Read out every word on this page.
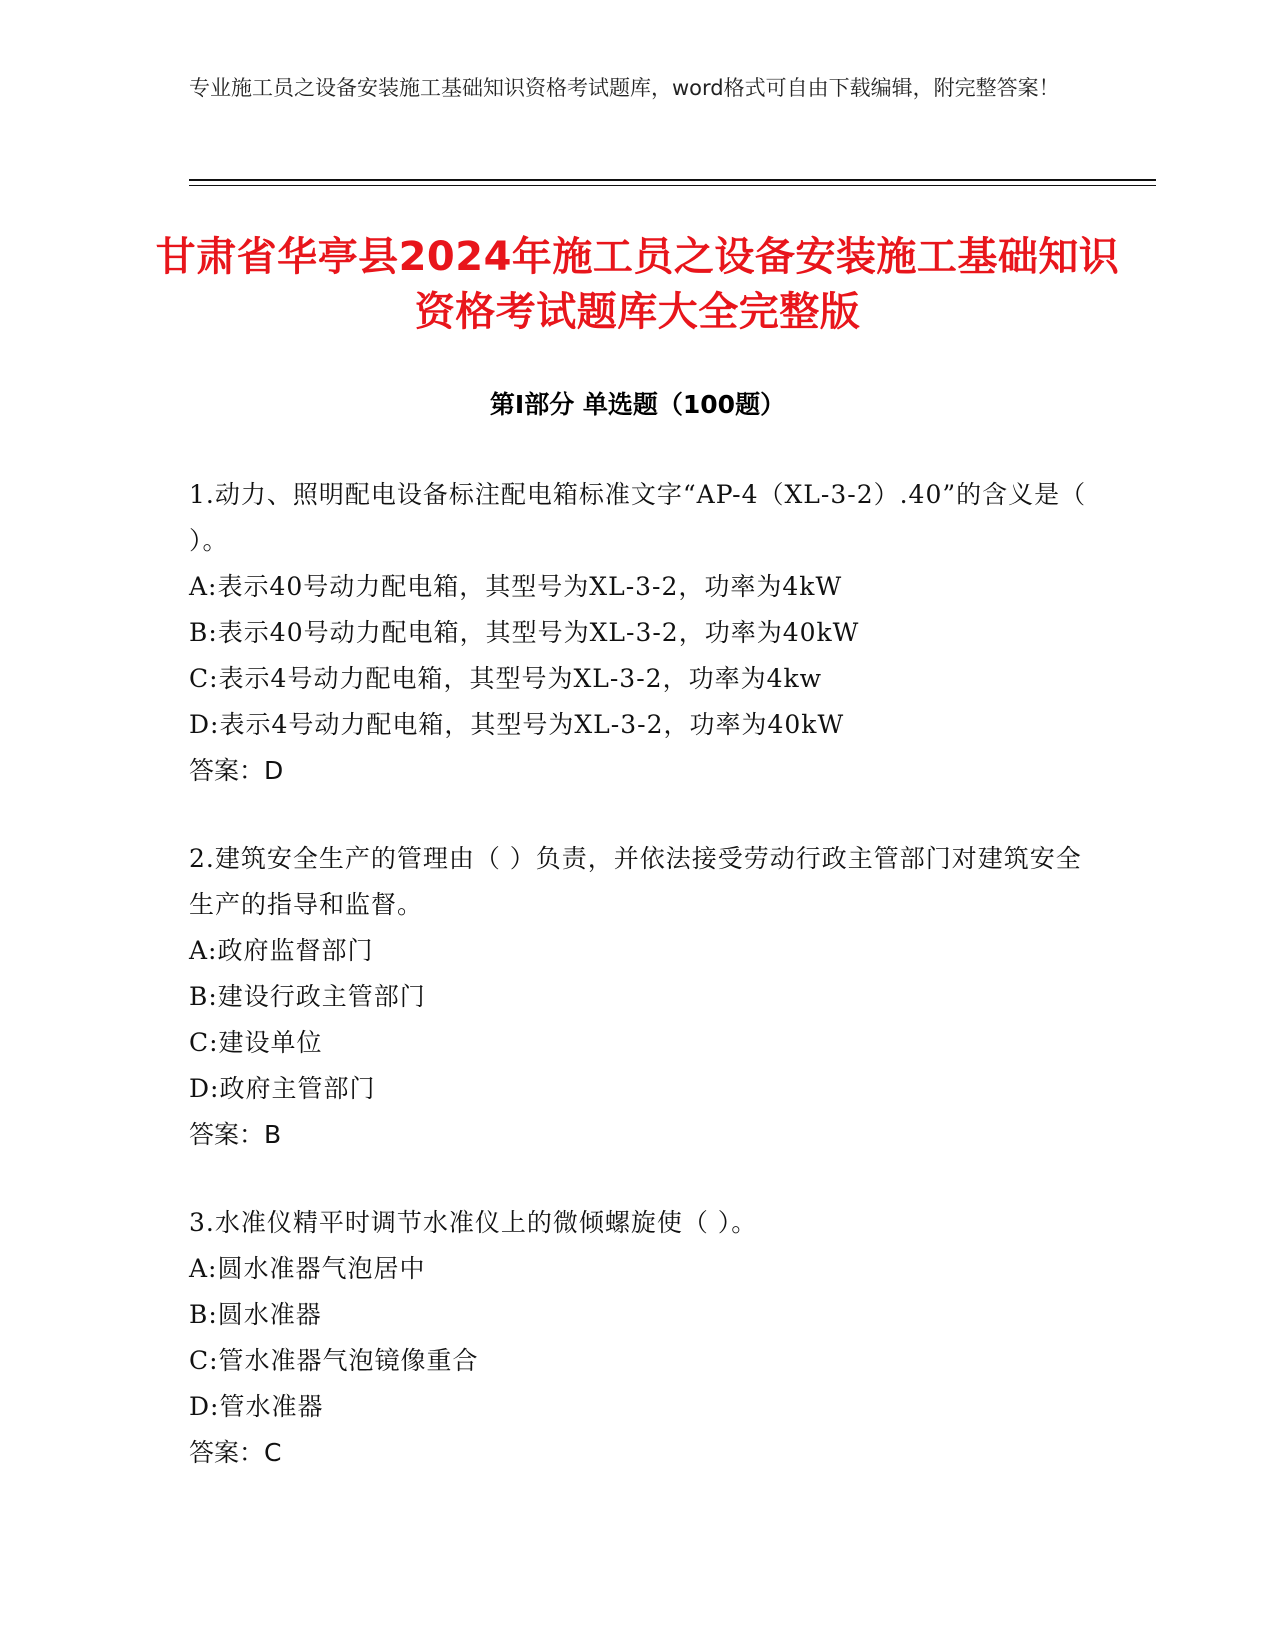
专业施工员之设备安装施工基础知识资格考试题库，word格式可自由下载编辑，附完整答案！
甘肃省华亭县2024年施工员之设备安装施工基础知识资格考试题库大全完整版
第Ⅰ部分 单选题（100题）
1.动力、照明配电设备标注配电箱标准文字“AP-4（XL-3-2）.40”的含义是（ ）。
A:表示40号动力配电箱，其型号为XL-3-2，功率为4kW
B:表示40号动力配电箱，其型号为XL-3-2，功率为40kW
C:表示4号动力配电箱，其型号为XL-3-2，功率为4kw
D:表示4号动力配电箱，其型号为XL-3-2，功率为40kW
答案：D
2.建筑安全生产的管理由（ ）负责，并依法接受劳动行政主管部门对建筑安全生产的指导和监督。
A:政府监督部门
B:建设行政主管部门
C:建设单位
D:政府主管部门
答案：B
3.水准仪精平时调节水准仪上的微倾螺旋使（ ）。
A:圆水准器气泡居中
B:圆水准器
C:管水准器气泡镜像重合
D:管水准器
答案：C
